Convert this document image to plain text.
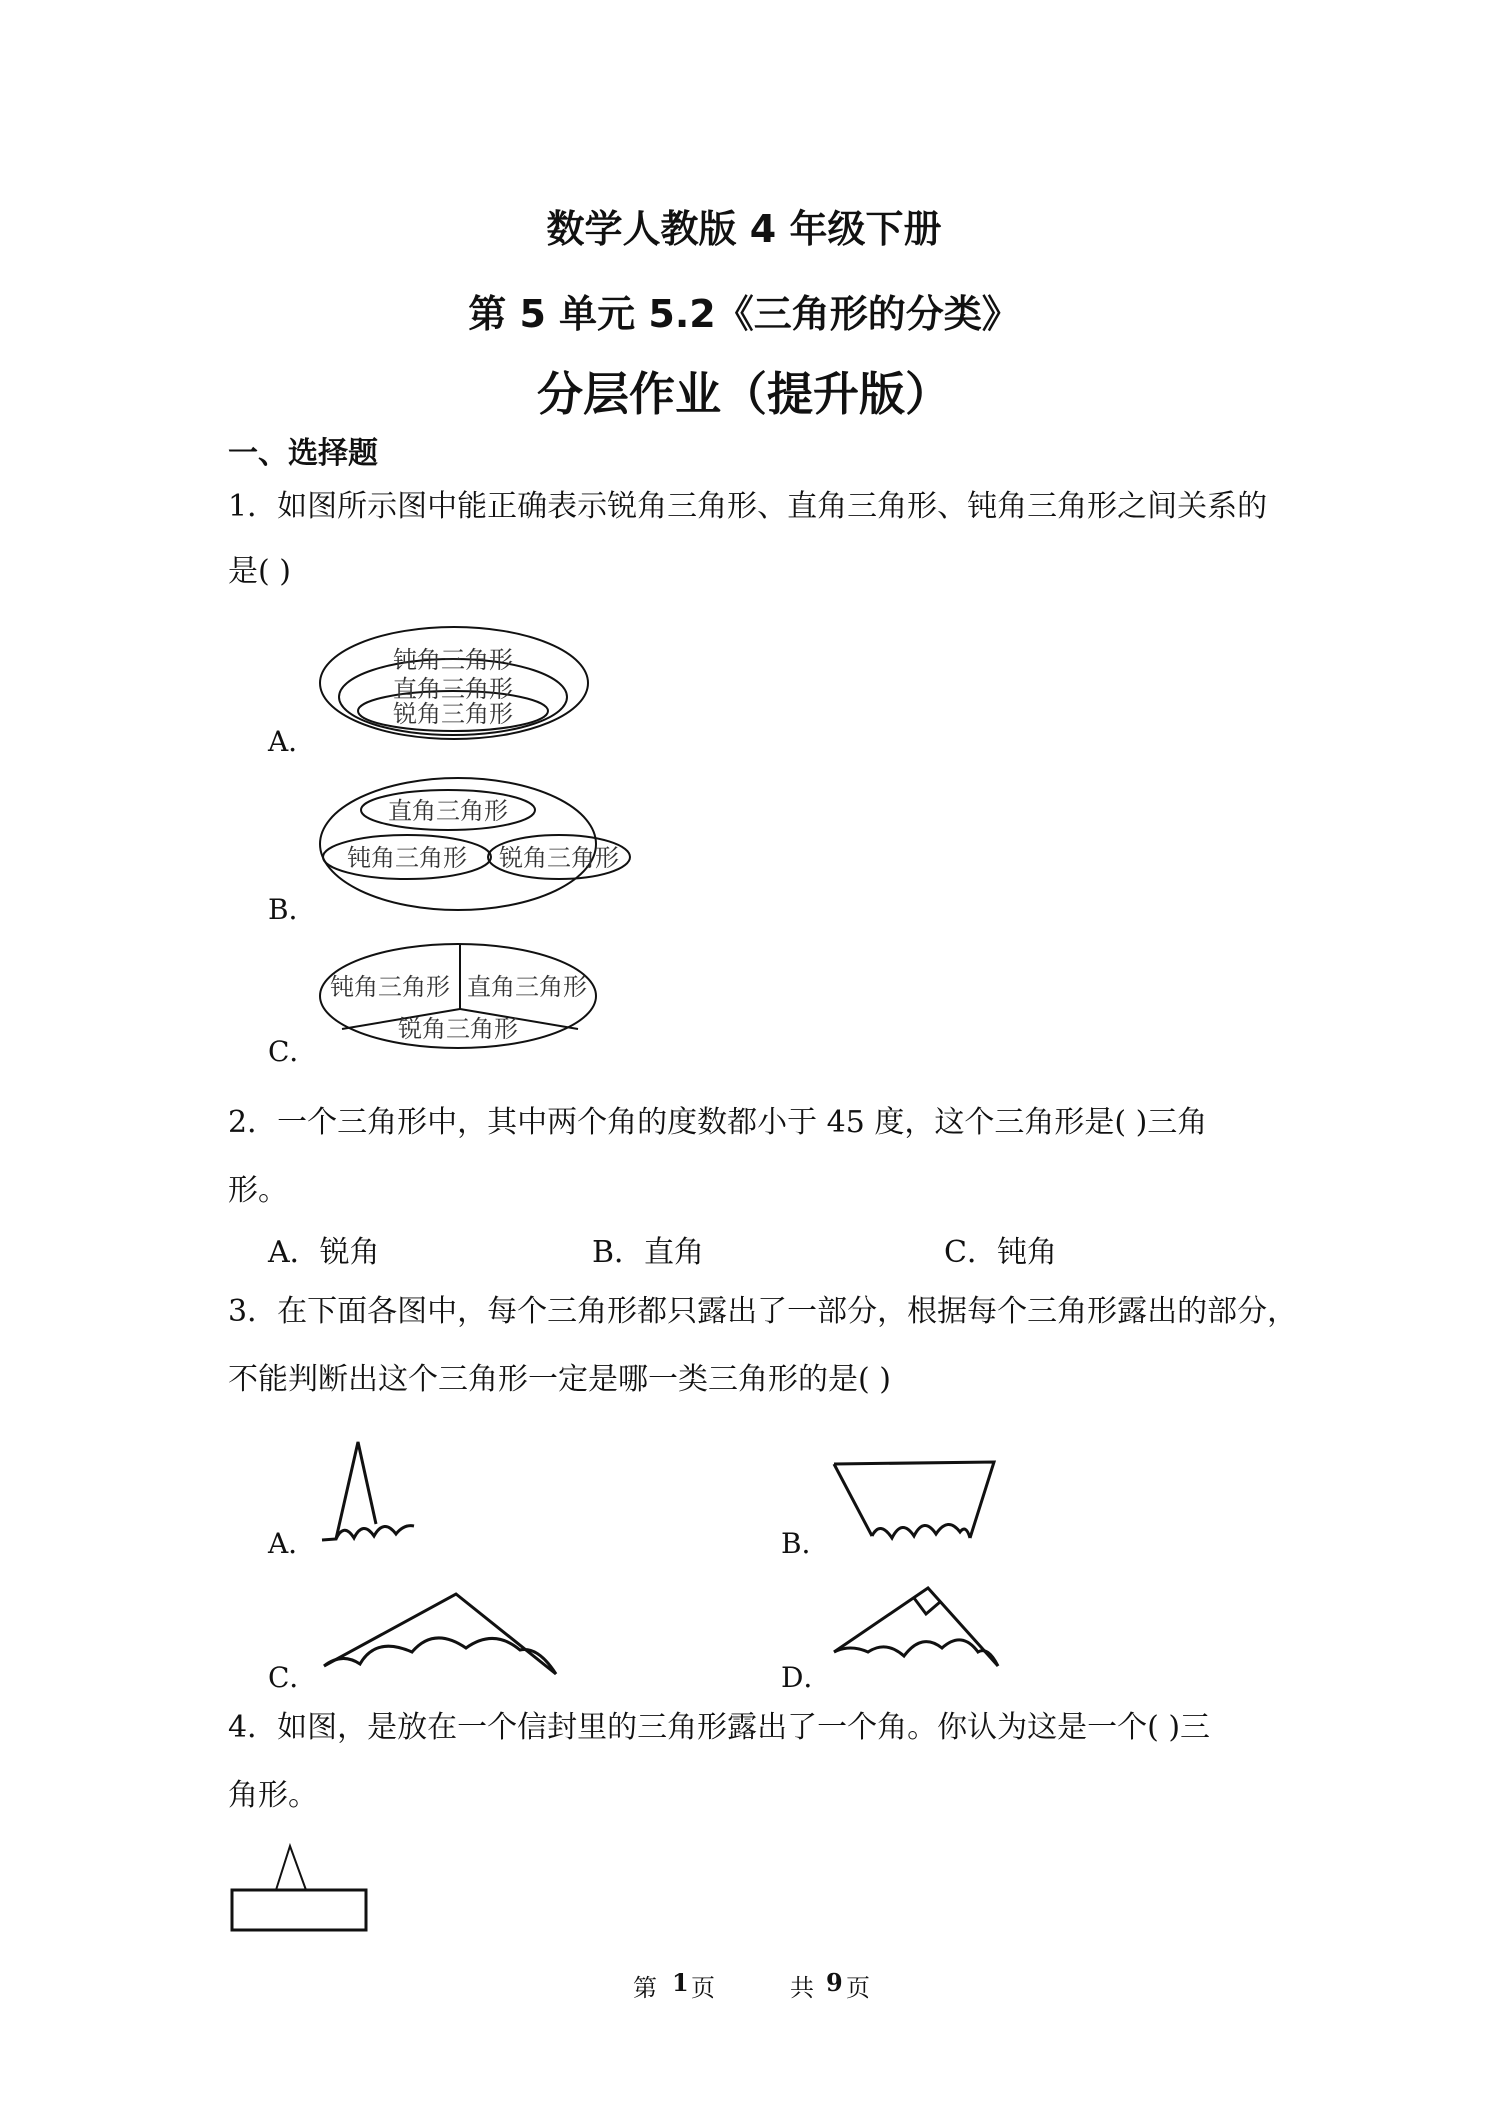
数学人教版 4 年级下册
第 5 单元 5.2《三角形的分类》
分层作业（提升版）
一、选择题
1．如图所示图中能正确表示锐角三角形、直角三角形、钝角三角形之间关系的
是( )
A．
钝角三角形
直角三角形
锐角三角形
B．
直角三角形
钝角三角形 锐角三角形
C．
钝角三角形 直角三角形
锐角三角形
2．一个三角形中，其中两个角的度数都小于 45 度，这个三角形是( )三角
形。
A．锐角	B．直角	C．钝角
3．在下面各图中，每个三角形都只露出了一部分，根据每个三角形露出的部分，
不能判断出这个三角形一定是哪一类三角形的是( )
A．	B．
C．	D．
4．如图，是放在一个信封里的三角形露出了一个角。你认为这是一个( )三
角形。
第 1 页	共 9 页
